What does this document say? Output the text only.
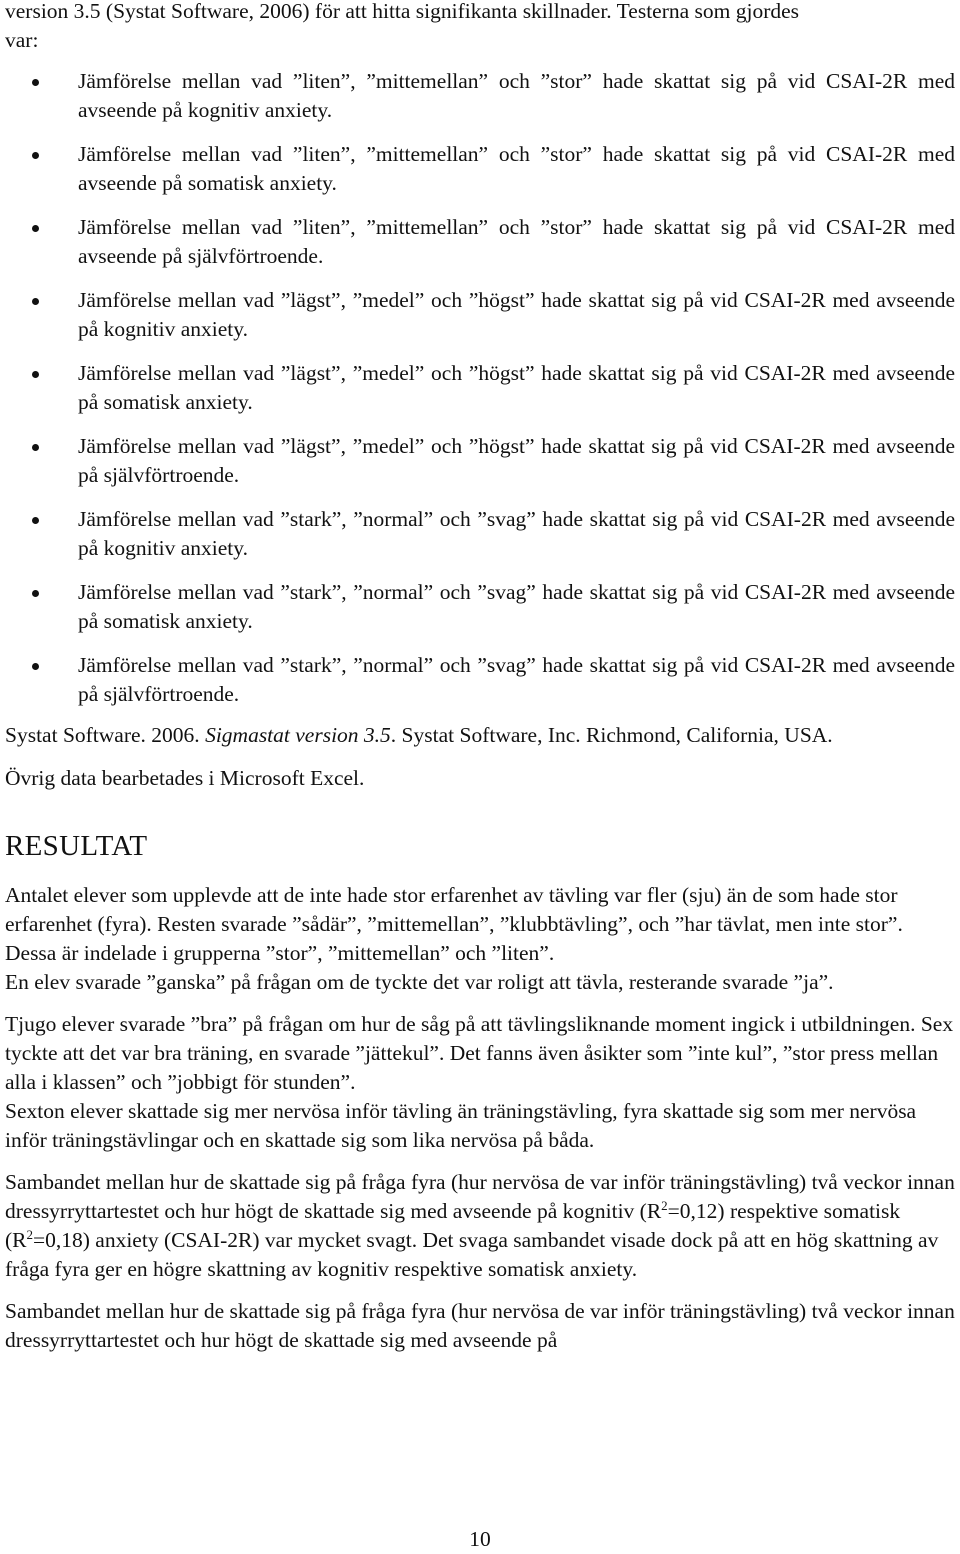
version 3.5 (Systat Software, 2006) för att hitta signifikanta skillnader. Testerna som gjordes
var:

Jämförelse mellan vad ”liten”, ”mittemellan” och ”stor” hade skattat sig på vid CSAI-2R med avseende på kognitiv anxiety.
Jämförelse mellan vad ”liten”, ”mittemellan” och ”stor” hade skattat sig på vid CSAI-2R med avseende på somatisk anxiety.
Jämförelse mellan vad ”liten”, ”mittemellan” och ”stor” hade skattat sig på vid CSAI-2R med avseende på självförtroende.
Jämförelse mellan vad ”lägst”, ”medel” och ”högst” hade skattat sig på vid CSAI-2R med avseende på kognitiv anxiety.
Jämförelse mellan vad ”lägst”, ”medel” och ”högst” hade skattat sig på vid CSAI-2R med avseende på somatisk anxiety.
Jämförelse mellan vad ”lägst”, ”medel” och ”högst” hade skattat sig på vid CSAI-2R med avseende på självförtroende.
Jämförelse mellan vad ”stark”, ”normal” och ”svag” hade skattat sig på vid CSAI-2R med avseende på kognitiv anxiety.
Jämförelse mellan vad ”stark”, ”normal” och ”svag” hade skattat sig på vid CSAI-2R med avseende på somatisk anxiety.
Jämförelse mellan vad ”stark”, ”normal” och ”svag” hade skattat sig på vid CSAI-2R med avseende på självförtroende.

Systat Software. 2006. Sigmastat version 3.5. Systat Software, Inc. Richmond, California, USA.

Övrig data bearbetades i Microsoft Excel.

RESULTAT

Antalet elever som upplevde att de inte hade stor erfarenhet av tävling var fler (sju) än de som hade stor erfarenhet (fyra). Resten svarade ”sådär”, ”mittemellan”, ”klubbtävling”, och ”har tävlat, men inte stor”. Dessa är indelade i grupperna ”stor”, ”mittemellan” och ”liten”.

En elev svarade ”ganska” på frågan om de tyckte det var roligt att tävla, resterande svarade ”ja”.

Tjugo elever svarade ”bra” på frågan om hur de såg på att tävlingsliknande moment ingick i utbildningen. Sex tyckte att det var bra träning, en svarade ”jättekul”. Det fanns även åsikter som ”inte kul”, ”stor press mellan alla i klassen” och ”jobbigt för stunden”.

Sexton elever skattade sig mer nervösa inför tävling än träningstävling, fyra skattade sig som mer nervösa inför träningstävlingar och en skattade sig som lika nervösa på båda.

Sambandet mellan hur de skattade sig på fråga fyra (hur nervösa de var inför träningstävling) två veckor innan dressyrryttartestet och hur högt de skattade sig med avseende på kognitiv $(R^2=0,12)$ respektive somatisk $(R^2=0,18)$ anxiety (CSAI-2R) var mycket svagt. Det svaga sambandet visade dock på att en hög skattning av fråga fyra ger en högre skattning av kognitiv respektive somatisk anxiety.

Sambandet mellan hur de skattade sig på fråga fyra (hur nervösa de var inför träningstävling) två veckor innan dressyrryttartestet och hur högt de skattade sig med avseende på

10
